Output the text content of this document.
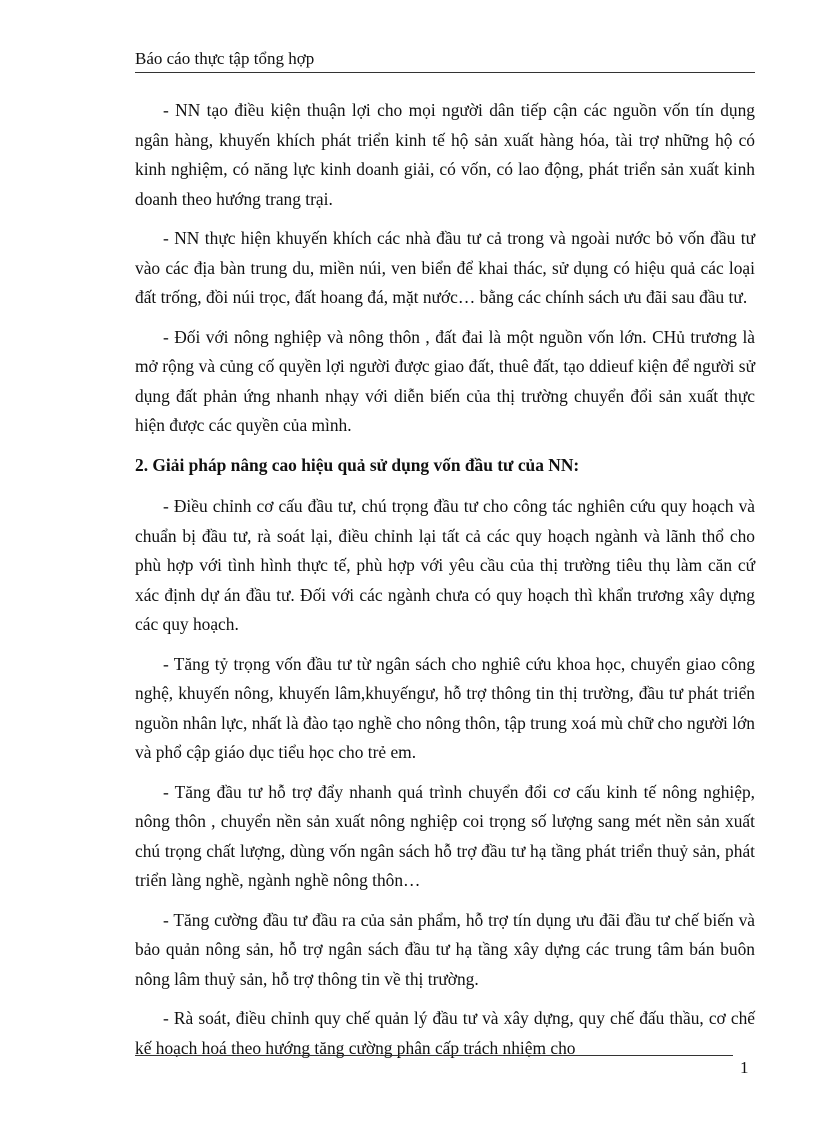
Báo cáo thực tập tổng hợp

- NN tạo điều kiện thuận lợi cho mọi người dân tiếp cận các nguồn vốn tín dụng ngân hàng, khuyến khích phát triển kinh tế hộ sản xuất hàng hóa, tài trợ những hộ có kinh nghiệm, có năng lực kinh doanh giải, có vốn, có lao động, phát triển sản xuất kinh doanh theo hướng trang trại.

- NN thực hiện khuyến khích các nhà đầu tư cả trong và ngoài nước bỏ vốn đầu tư vào các địa bàn trung du, miền núi, ven biển để khai thác, sử dụng có hiệu quả các loại đất trống, đồi núi trọc, đất hoang đá, mặt nước… bằng các chính sách ưu đãi sau đầu tư.

- Đối với nông nghiệp và nông thôn , đất đai là một nguồn vốn lớn. CHủ trương là mở rộng và củng cố quyền lợi người được giao đất, thuê đất, tạo ddieuf kiện để người sử dụng đất phản ứng nhanh nhạy với diễn biến của thị trường chuyển đổi sản xuất thực hiện được các quyền của mình.

2. Giải pháp nâng cao hiệu quả sử dụng vốn đầu tư của NN:

- Điều chỉnh cơ cấu đầu tư, chú trọng đầu tư cho công tác nghiên cứu quy hoạch và chuẩn bị đầu tư, rà soát lại, điều chỉnh lại tất cả các quy hoạch ngành và lãnh thổ cho phù hợp với tình hình thực tế, phù hợp với yêu cầu của thị trường tiêu thụ làm căn cứ xác định dự án đầu tư. Đối với các ngành chưa có quy hoạch thì khẩn trương xây dựng các quy hoạch.

- Tăng tỷ trọng vốn đầu tư từ ngân sách cho nghiê cứu khoa học, chuyển giao công nghệ, khuyến nông, khuyến lâm,khuyếngư, hỗ trợ thông tin thị trường, đầu tư phát triển nguồn nhân lực, nhất là đào tạo nghề cho nông thôn, tập trung xoá mù chữ cho người lớn và phổ cập giáo dục tiểu học cho trẻ em.

- Tăng đầu tư hỗ trợ đẩy nhanh quá trình chuyển đổi cơ cấu kinh tế nông nghiệp, nông thôn , chuyển nền sản xuất nông nghiệp coi trọng số lượng sang mét nền sản xuất chú trọng chất lượng, dùng vốn ngân sách hỗ trợ đầu tư hạ tầng phát triển thuỷ sản, phát triển làng nghề, ngành nghề nông thôn…

- Tăng cường đầu tư đầu ra của sản phẩm, hỗ trợ tín dụng ưu đãi đầu tư chế biến và bảo quản nông sản, hỗ trợ ngân sách đầu tư hạ tầng xây dựng các trung tâm bán buôn nông lâm thuỷ sản, hỗ trợ thông tin về thị trường.

- Rà soát, điều chỉnh quy chế quản lý đầu tư và xây dựng, quy chế đấu thầu, cơ chế kế hoạch hoá theo hướng tăng cường phân cấp trách nhiệm cho

1
